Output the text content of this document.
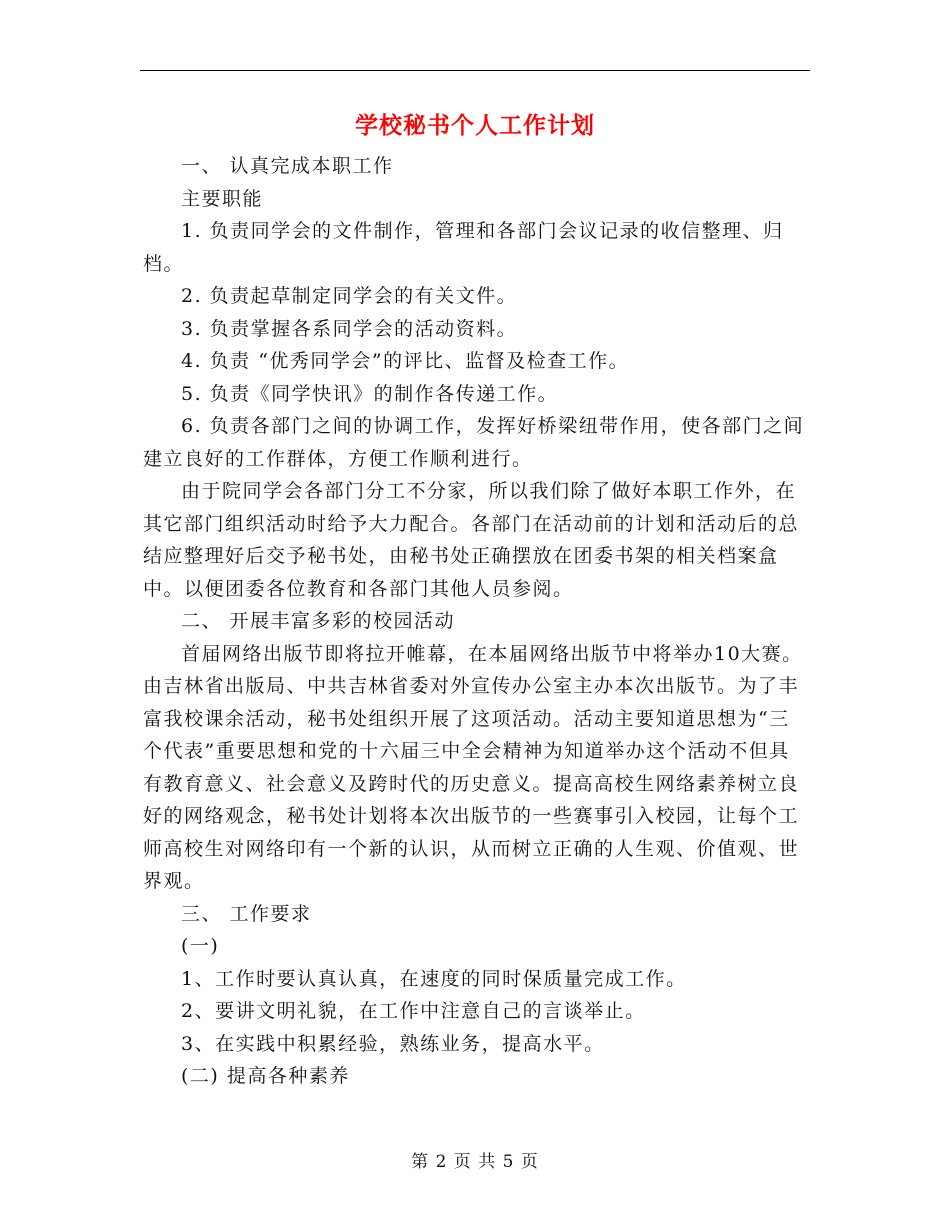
学校秘书个人工作计划

一、 认真完成本职工作

主要职能

1. 负责同学会的文件制作，管理和各部门会议记录的收信整理、归档。

2. 负责起草制定同学会的有关文件。

3. 负责掌握各系同学会的活动资料。

4. 负责 “优秀同学会”的评比、监督及检查工作。

5. 负责《同学快讯》的制作各传递工作。

6. 负责各部门之间的协调工作，发挥好桥梁纽带作用，使各部门之间建立良好的工作群体，方便工作顺利进行。

由于院同学会各部门分工不分家，所以我们除了做好本职工作外，在其它部门组织活动时给予大力配合。各部门在活动前的计划和活动后的总结应整理好后交予秘书处，由秘书处正确摆放在团委书架的相关档案盒中。以便团委各位教育和各部门其他人员参阅。

二、 开展丰富多彩的校园活动

首届网络出版节即将拉开帷幕，在本届网络出版节中将举办10大赛。由吉林省出版局、中共吉林省委对外宣传办公室主办本次出版节。为了丰富我校课余活动，秘书处组织开展了这项活动。活动主要知道思想为“三个代表”重要思想和党的十六届三中全会精神为知道举办这个活动不但具有教育意义、社会意义及跨时代的历史意义。提高高校生网络素养树立良好的网络观念，秘书处计划将本次出版节的一些赛事引入校园，让每个工师高校生对网络印有一个新的认识，从而树立正确的人生观、价值观、世界观。

三、 工作要求

(一)

1、工作时要认真认真，在速度的同时保质量完成工作。

2、要讲文明礼貌，在工作中注意自己的言谈举止。

3、在实践中积累经验，熟练业务，提高水平。

(二) 提高各种素养

第 2 页 共 5 页
